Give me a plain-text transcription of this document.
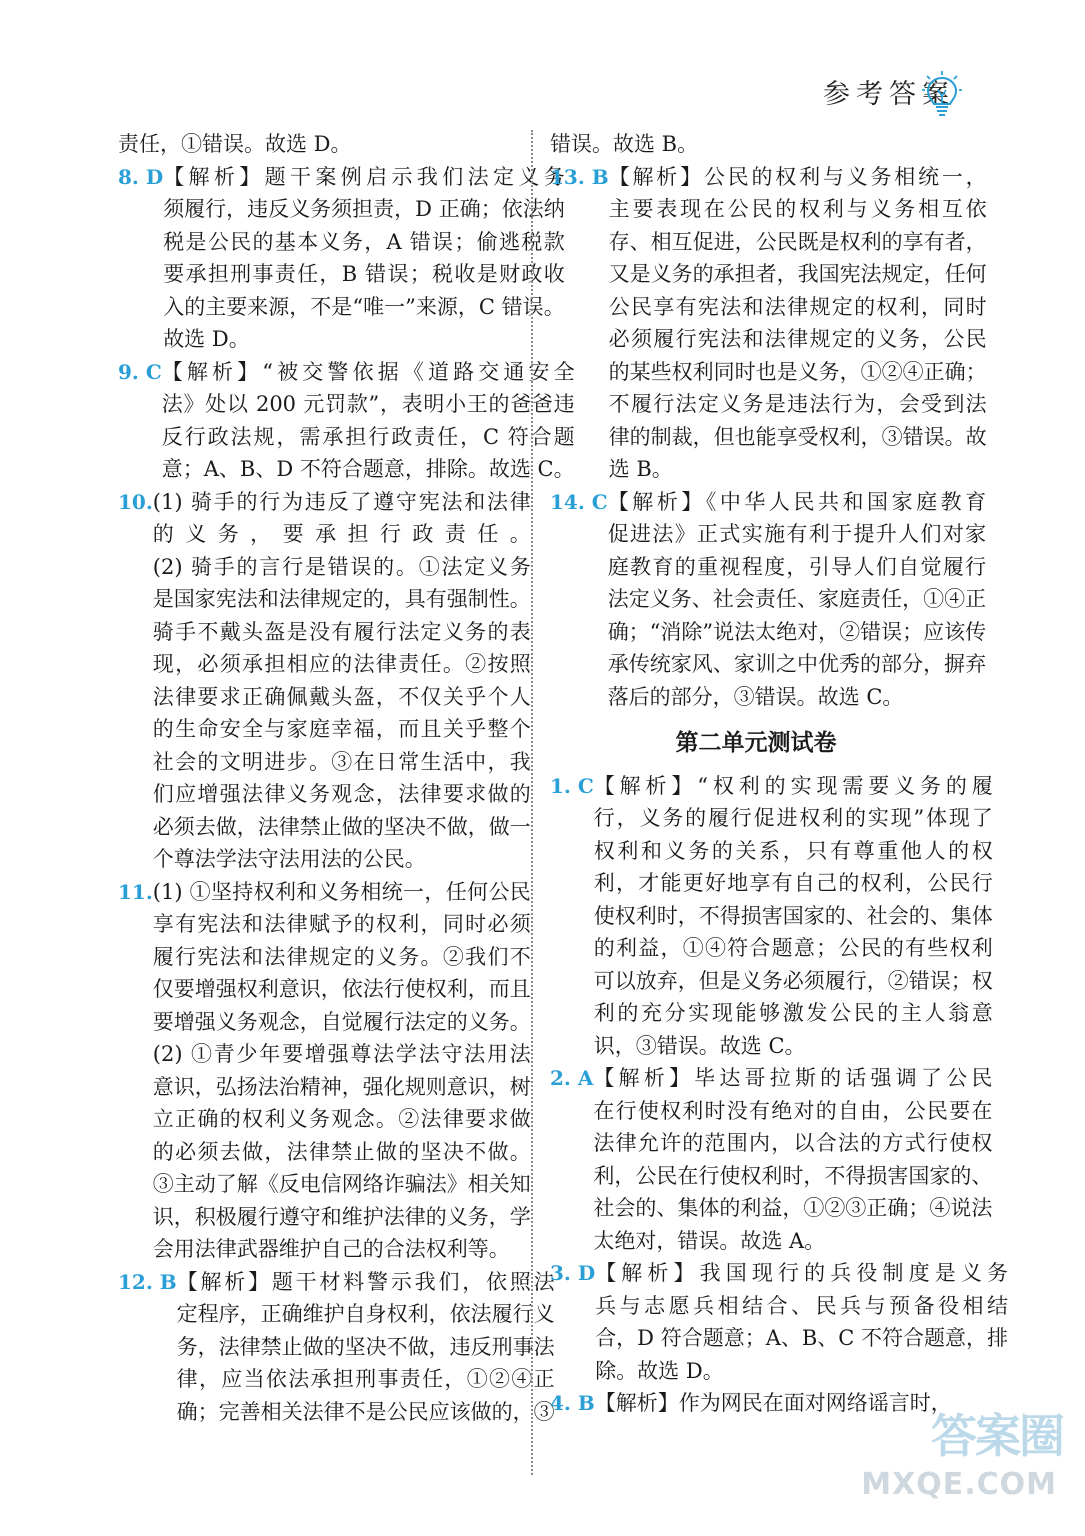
参考答案
责任，①错误。故选 D。
8. D 【解析】题干案例启示我们法定义务
须履行，违反义务须担责，D 正确；依法纳
税是公民的基本义务，A 错误；偷逃税款
要承担刑事责任，B 错误；税收是财政收
入的主要来源，不是“唯一”来源，C 错误。
故选 D。
9. C 【解析】“被交警依据《道路交通安全
法》处以 200 元罚款”，表明小王的爸爸违
反行政法规，需承担行政责任，C 符合题
意；A、B、D 不符合题意，排除。故选 C。
10. (1) 骑手的行为违反了遵守宪法和法律
的义务，要承担行政责任。
(2) 骑手的言行是错误的。①法定义务
是国家宪法和法律规定的，具有强制性。
骑手不戴头盔是没有履行法定义务的表
现，必须承担相应的法律责任。②按照
法律要求正确佩戴头盔，不仅关乎个人
的生命安全与家庭幸福，而且关乎整个
社会的文明进步。③在日常生活中，我
们应增强法律义务观念，法律要求做的
必须去做，法律禁止做的坚决不做，做一
个尊法学法守法用法的公民。
11. (1) ①坚持权利和义务相统一，任何公民
享有宪法和法律赋予的权利，同时必须
履行宪法和法律规定的义务。②我们不
仅要增强权利意识，依法行使权利，而且
要增强义务观念，自觉履行法定的义务。
(2) ①青少年要增强尊法学法守法用法
意识，弘扬法治精神，强化规则意识，树
立正确的权利义务观念。②法律要求做
的必须去做，法律禁止做的坚决不做。
③主动了解《反电信网络诈骗法》相关知
识，积极履行遵守和维护法律的义务，学
会用法律武器维护自己的合法权利等。
12. B 【解析】题干材料警示我们，依照法
定程序，正确维护自身权利，依法履行义
务，法律禁止做的坚决不做，违反刑事法
律，应当依法承担刑事责任，①②④正
确；完善相关法律不是公民应该做的，③
错误。故选 B。
13. B 【解析】公民的权利与义务相统一，
主要表现在公民的权利与义务相互依
存、相互促进，公民既是权利的享有者，
又是义务的承担者，我国宪法规定，任何
公民享有宪法和法律规定的权利，同时
必须履行宪法和法律规定的义务，公民
的某些权利同时也是义务，①②④正确；
不履行法定义务是违法行为，会受到法
律的制裁，但也能享受权利，③错误。故
选 B。
14. C 【解析】《中华人民共和国家庭教育
促进法》正式实施有利于提升人们对家
庭教育的重视程度，引导人们自觉履行
法定义务、社会责任、家庭责任，①④正
确；“消除”说法太绝对，②错误；应该传
承传统家风、家训之中优秀的部分，摒弃
落后的部分，③错误。故选 C。
第二单元测试卷
1. C 【解析】“权利的实现需要义务的履
行，义务的履行促进权利的实现”体现了
权利和义务的关系，只有尊重他人的权
利，才能更好地享有自己的权利，公民行
使权利时，不得损害国家的、社会的、集体
的利益，①④符合题意；公民的有些权利
可以放弃，但是义务必须履行，②错误；权
利的充分实现能够激发公民的主人翁意
识，③错误。故选 C。
2. A 【解析】毕达哥拉斯的话强调了公民
在行使权利时没有绝对的自由，公民要在
法律允许的范围内，以合法的方式行使权
利，公民在行使权利时，不得损害国家的、
社会的、集体的利益，①②③正确；④说法
太绝对，错误。故选 A。
3. D 【解析】我国现行的兵役制度是义务
兵与志愿兵相结合、民兵与预备役相结
合，D 符合题意；A、B、C 不符合题意，排
除。故选 D。
4. B 【解析】作为网民在面对网络谣言时，
答案圈
MXQE.COM
